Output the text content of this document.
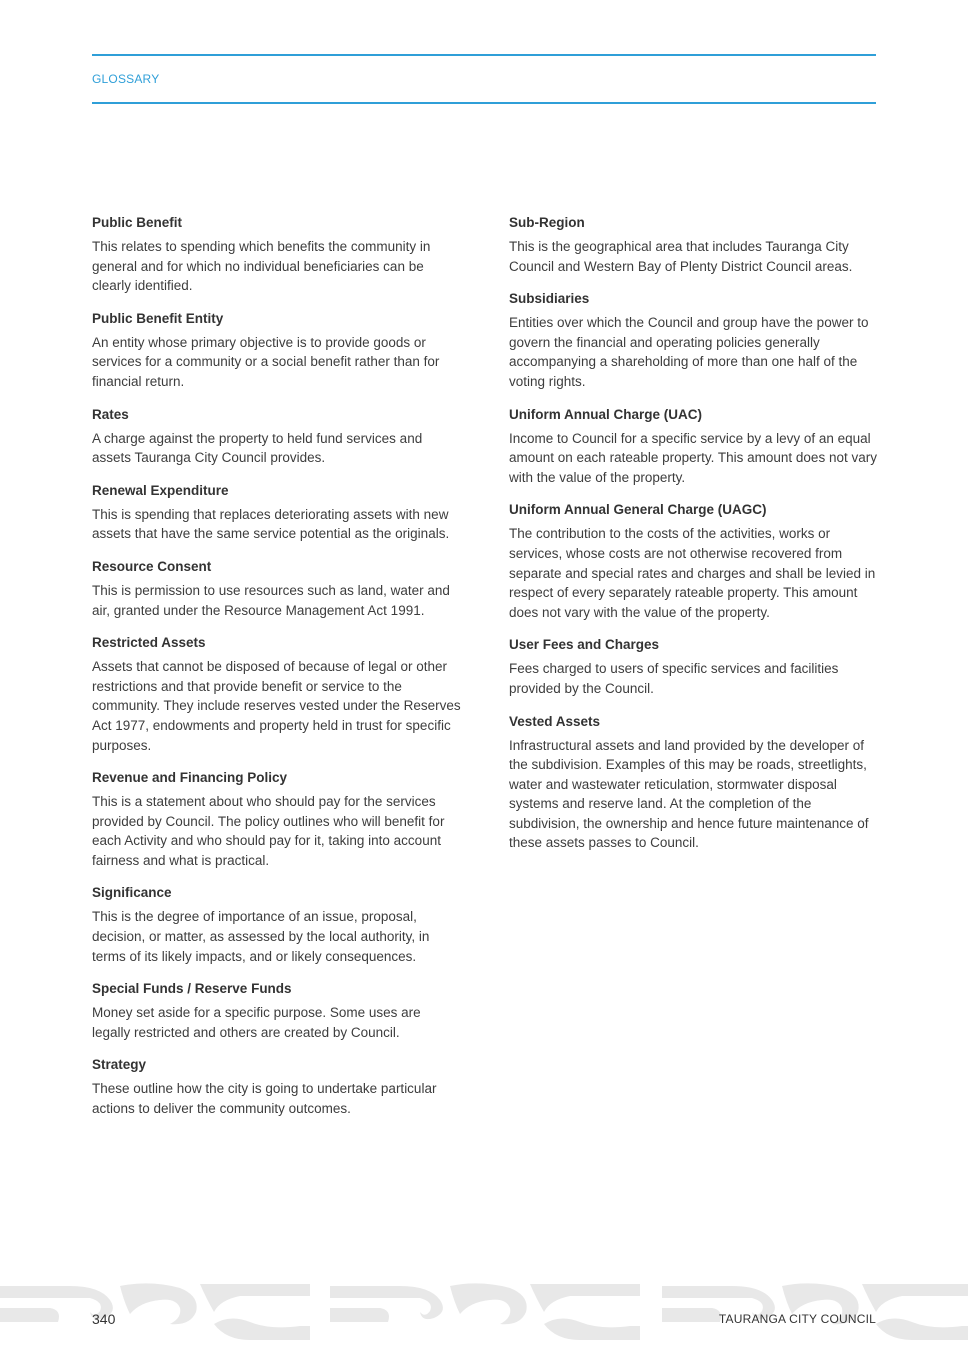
GLOSSARY
Public Benefit

This relates to spending which benefits the community in general and for which no individual beneficiaries can be clearly identified.

Public Benefit Entity

An entity whose primary objective is to provide goods or services for a community or a social benefit rather than for financial return.

Rates

A charge against the property to held fund services and assets Tauranga City Council provides.

Renewal Expenditure

This is spending that replaces deteriorating assets with new assets that have the same service potential as the originals.

Resource Consent

This is permission to use resources such as land, water and air, granted under the Resource Management Act 1991.

Restricted Assets

Assets that cannot be disposed of because of legal or other restrictions and that provide benefit or service to the community. They include reserves vested under the Reserves Act 1977, endowments and property held in trust for specific purposes.

Revenue and Financing Policy

This is a statement about who should pay for the services provided by Council. The policy outlines who will benefit for each Activity and who should pay for it, taking into account fairness and what is practical.

Significance

This is the degree of importance of an issue, proposal, decision, or matter, as assessed by the local authority, in terms of its likely impacts, and or likely consequences.

Special Funds / Reserve Funds

Money set aside for a specific purpose. Some uses are legally restricted and others are created by Council.

Strategy

These outline how the city is going to undertake particular actions to deliver the community outcomes.

Sub-Region

This is the geographical area that includes Tauranga City Council and Western Bay of Plenty District Council areas.

Subsidiaries

Entities over which the Council and group have the power to govern the financial and operating policies generally accompanying a shareholding of more than one half of the voting rights.

Uniform Annual Charge (UAC)

Income to Council for a specific service by a levy of an equal amount on each rateable property. This amount does not vary with the value of the property.

Uniform Annual General Charge (UAGC)

The contribution to the costs of the activities, works or services, whose costs are not otherwise recovered from separate and special rates and charges and shall be levied in respect of every separately rateable property. This amount does not vary with the value of the property.

User Fees and Charges

Fees charged to users of specific services and facilities provided by the Council.

Vested Assets

Infrastructural assets and land provided by the developer of the subdivision. Examples of this may be roads, streetlights, water and wastewater reticulation, stormwater disposal systems and reserve land. At the completion of the subdivision, the ownership and hence future maintenance of these assets passes to Council.

340	TAURANGA CITY COUNCIL
